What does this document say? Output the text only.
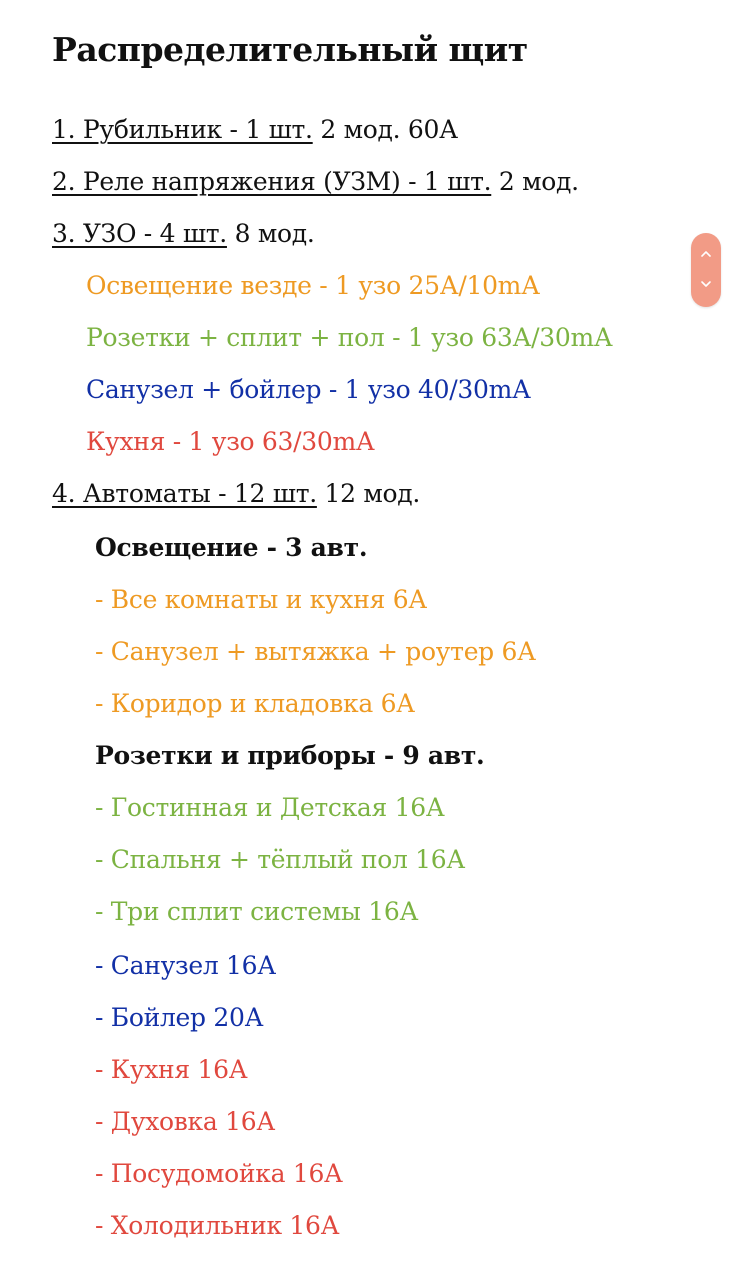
Распределительный щит
1. Рубильник - 1 шт. 2 мод. 60А
2. Реле напряжения (УЗМ) - 1 шт. 2 мод.
3. УЗО - 4 шт. 8 мод.
Освещение везде - 1 узо 25А/10mА
Розетки + сплит + пол - 1 узо 63А/30mА
Санузел + бойлер - 1 узо 40/30mА
Кухня - 1 узо 63/30mА
4. Автоматы - 12 шт. 12 мод.
Освещение - 3 авт.
- Все комнаты и кухня 6А
- Санузел + вытяжка + роутер 6А
- Коридор и кладовка 6А
Розетки и приборы - 9 авт.
- Гостинная и Детская 16А
- Спальня + тёплый пол 16А
- Три сплит системы 16А
- Санузел 16А
- Бойлер 20А
- Кухня 16А
- Духовка 16А
- Посудомойка 16А
- Холодильник 16А
